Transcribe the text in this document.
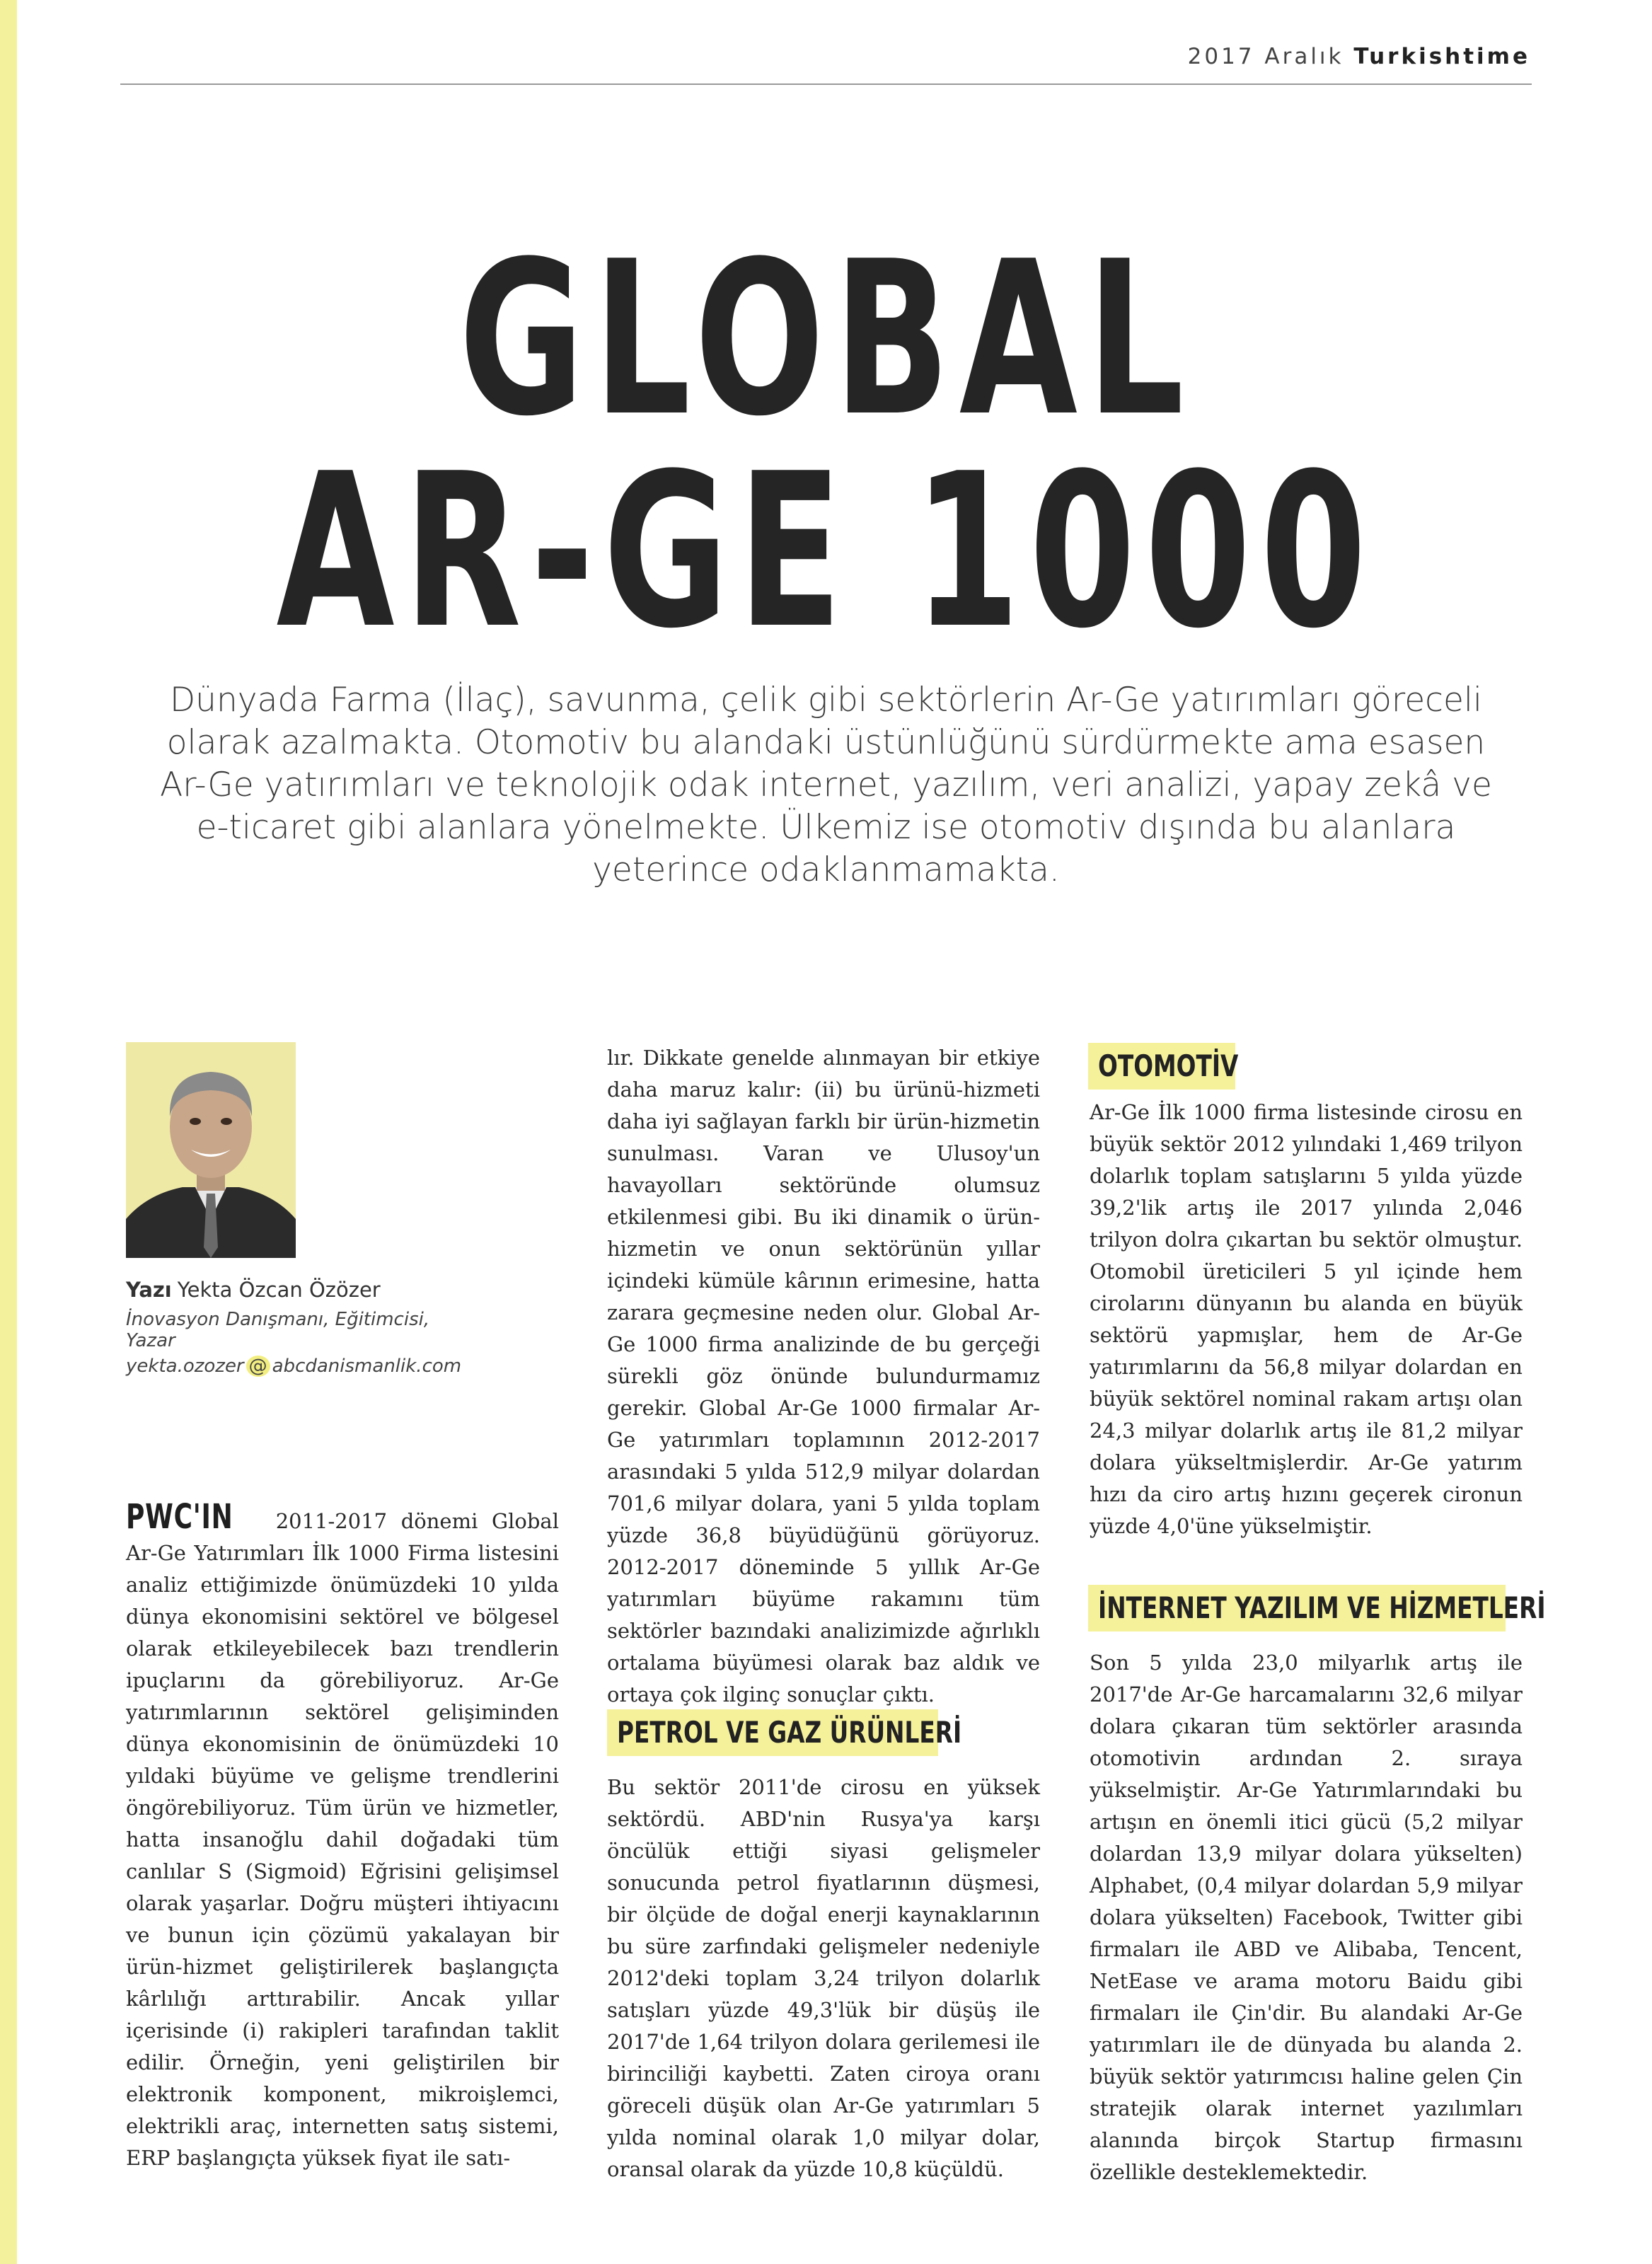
2017 Aralık Turkishtime
GLOBAL
AR-GE 1000

Dünyada Farma (İlaç), savunma, çelik gibi sektörlerin Ar-Ge yatırımları göreceli olarak azalmakta. Otomotiv bu alandaki üstünlüğünü sürdürmekte ama esasen Ar-Ge yatırımları ve teknolojik odak internet, yazılım, veri analizi, yapay zekâ ve e-ticaret gibi alanlara yönelmekte. Ülkemiz ise otomotiv dışında bu alanlara yeterince odaklanmamakta.

Yazı Yekta Özcan Özözer

İnovasyon Danışmanı, Eğitimcisi, Yazar

yekta.ozozer @ abcdanismanlik.com

PWC'IN 2011-2017 dönemi Global Ar-Ge Yatırımları İlk 1000 Firma listesini analiz ettiğimizde önümüzdeki 10 yılda dünya ekonomisini sektörel ve bölgesel olarak etkileyebilecek bazı trendlerin ipuçlarını da görebiliyoruz. Ar-Ge yatırımlarının sektörel gelişiminden dünya ekonomisinin de önümüzdeki 10 yıldaki büyüme ve gelişme trendlerini öngörebiliyoruz. Tüm ürün ve hizmetler, hatta insanoğlu dahil doğadaki tüm canlılar S (Sigmoid) Eğrisini gelişimsel olarak yaşarlar. Doğru müşteri ihtiyacını ve bunun için çözümü yakalayan bir ürün-hizmet geliştirilerek başlangıçta kârlılığı arttırabilir. Ancak yıllar içerisinde (i) rakipleri tarafından taklit edilir. Örneğin, yeni geliştirilen bir elektronik komponent, mikroişlemci, elektrikli araç, internetten satış sistemi, ERP başlangıçta yüksek fiyat ile satı-

lır. Dikkate genelde alınmayan bir etkiye daha maruz kalır: (ii) bu ürünü-hizmeti daha iyi sağlayan farklı bir ürün-hizmetin sunulması. Varan ve Ulusoy'un havayolları sektöründe olumsuz etkilenmesi gibi. Bu iki dinamik o ürün-hizmetin ve onun sektörünün yıllar içindeki kümüle kârının erimesine, hatta zarara geçmesine neden olur. Global Ar-Ge 1000 firma analizinde de bu gerçeği sürekli göz önünde bulundurmamız gerekir. Global Ar-Ge 1000 firmalar Ar-Ge yatırımları toplamının 2012-2017 arasındaki 5 yılda 512,9 milyar dolardan 701,6 milyar dolara, yani 5 yılda toplam yüzde 36,8 büyüdüğünü görüyoruz. 2012-2017 döneminde 5 yıllık Ar-Ge yatırımları büyüme rakamını tüm sektörler bazındaki analizimizde ağırlıklı ortalama büyümesi olarak baz aldık ve ortaya çok ilginç sonuçlar çıktı.

OTOMOTİV

Ar-Ge İlk 1000 firma listesinde cirosu en büyük sektör 2012 yılındaki 1,469 trilyon dolarlık toplam satışlarını 5 yılda yüzde 39,2'lik artış ile 2017 yılında 2,046 trilyon dolra çıkartan bu sektör olmuştur. Otomobil üreticileri 5 yıl içinde hem cirolarını dünyanın bu alanda en büyük sektörü yapmışlar, hem de Ar-Ge yatırımlarını da 56,8 milyar dolardan en büyük sektörel nominal rakam artışı olan 24,3 milyar dolarlık artış ile 81,2 milyar dolara yükseltmişlerdir. Ar-Ge yatırım hızı da ciro artış hızını geçerek cironun yüzde 4,0'üne yükselmiştir.

PETROL VE GAZ ÜRÜNLERİ

Bu sektör 2011'de cirosu en yüksek sektördü. ABD'nin Rusya'ya karşı öncülük ettiği siyasi gelişmeler sonucunda petrol fiyatlarının düşmesi, bir ölçüde de doğal enerji kaynaklarının bu süre zarfındaki gelişmeler nedeniyle 2012'deki toplam 3,24 trilyon dolarlık satışları yüzde 49,3'lük bir düşüş ile 2017'de 1,64 trilyon dolara gerilemesi ile birinciliği kaybetti. Zaten ciroya oranı göreceli düşük olan Ar-Ge yatırımları 5 yılda nominal olarak 1,0 milyar dolar, oransal olarak da yüzde 10,8 küçüldü.

İNTERNET YAZILIM VE HİZMETLERİ

Son 5 yılda 23,0 milyarlık artış ile 2017'de Ar-Ge harcamalarını 32,6 milyar dolara çıkaran tüm sektörler arasında otomotivin ardından 2. sıraya yükselmiştir. Ar-Ge Yatırımlarındaki bu artışın en önemli itici gücü (5,2 milyar dolardan 13,9 milyar dolara yükselten) Alphabet, (0,4 milyar dolardan 5,9 milyar dolara yükselten) Facebook, Twitter gibi firmaları ile ABD ve Alibaba, Tencent, NetEase ve arama motoru Baidu gibi firmaları ile Çin'dir. Bu alandaki Ar-Ge yatırımları ile de dünyada bu alanda 2. büyük sektör yatırımcısı haline gelen Çin stratejik olarak internet yazılımları alanında birçok Startup firmasını özellikle desteklemektedir.
